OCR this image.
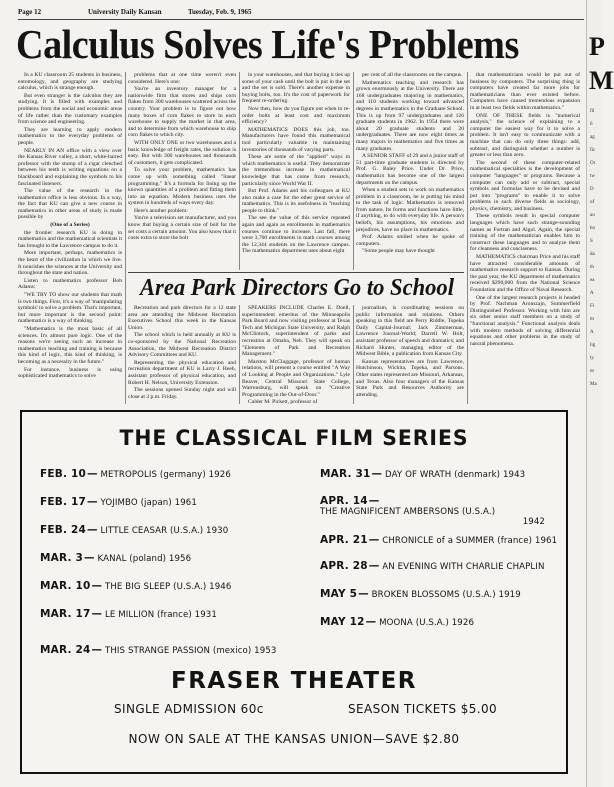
Page 12	University Daily Kansan	Tuesday, Feb. 9, 1965
Calculus Solves Life's Problems

In a KU classroom 25 students in business, entomology, and geography are studying calculus, which is strange enough.

But even stranger is the calculus they are studying. It is filled with examples and problems from the social and economic areas of life rather than the customary examples from science and engineering.

They are learning to apply modern mathematics to the everyday problems of people.

NEARLY IN AN office with a view over the Kansas River valley, a short, white-haired professor with the stump of a cigar clenched between his teeth is writing equations on a blackboard and explaining the symbols to his fascinated listeners.

The value of the research in the mathematics office is less obvious. In a way, the fact that KU can give a new course in mathematics in other areas of study is made possible by

(One of a Series)

the frontier research KU is doing in mathematics and the mathematical scientists it has brought to the Lawrence campus to do it.

More important, perhaps, mathematics is the heart of the civilization in which we live. It nourishes the sciences at the University and throughout the state and nation.

Listen to mathematics professor Bob Adams:

"WE TRY TO show our students that math is two things. First, it's a way of 'manipulating symbols' to solve a problem. That's important, but more important is the second point: mathematics is a way of thinking.

"Mathematics is the most basic of all sciences. It's almost pure logic. One of the reasons we're seeing such an increase in mathematics teaching and training is because this kind of logic, this kind of thinking, is becoming as a necessity in the future."

For instance, business is using sophisticated mathematics to solve

problems that at one time weren't even considered. Here's one:

You're an inventory manager for a nationwide firm that stores and ships corn flakes from 300 warehouses scattered across the country. Your problem is to figure out how many boxes of corn flakes to store in each warehouse to supply the market in that area, and to determine from which warehouse to ship corn flakes to which city.

WITH ONLY ONE or two warehouses and a basic knowledge of freight rates, the solution is easy. But with 300 warehouses and thousands of customers, it gets complicated.

To solve your problem, mathematics has come up with something called "linear programming." It's a formula for lining up the known quantities of a problem and fitting them into an equation. Modern business uses the system in hundreds of ways every day.

Here's another problem:

You're a television set manufacturer, and you know that buying a certain size of bolt for the set costs a certain amount. You also know that it costs extra to store the bolt

in your warehouses, and that buying it ties up some of your cash until the bolt is put in the set and the set is sold. There's another expense in buying bolts, too. It's the cost of paperwork for frequent re-ordering.

Now then, how do you figure out when to re-order bolts at least cost and maximum efficiency?

MATHEMATICS DOES this job, too. Manufacturers have found this mathematical tool particularly valuable in maintaining inventories of thousands of varying parts.

These are some of the "applied" ways in which mathematics is useful. They demonstrate the tremendous increase in mathematical knowledge that has come from research, particularly since World War II.

But Prof. Adams and his colleagues at KU also make a case for the other great service of mathematics. This is its usefulness in "teaching people to think."

The see the value of this service repeated again and again as enrollments in mathematics courses continue to increase. Last fall, there were 3,700 enrollments in math courses among the 12,344 students on the Lawrence campus. The mathematics department uses about eight

per cent of all the classrooms on the campus.

Mathematics teaching and research has grown enormously at the University. There are 168 undergraduates majoring in mathematics, and 110 students working toward advanced degrees in mathematics in the Graduate School. This is up from 97 undergraduates and 126 graduate students in 1962. In 1954 there were about 20 graduate students and 20 undergraduates. There are now eight times as many majors in mathematics and five times as many graduates.

A SENIOR STAFF of 29 and a junior staff of 51 part-time graduate students is directed by Prof. G. Baley Price. Under Dr. Price, mathematics has become one of the largest departments on the campus.

When a student sets to work on mathematics problem in a classroom, he is putting his mind to the task of logic. Mathematics is removed from nature. Its forms and functions have little, if anything, to do with everyday life. A person's beliefs, his assumptions, his emotions and prejudices, have no place in mathematics.

Prof. Adams smiled when he spoke of computers.

"Some people may have thought

that mathematicians would be put out of business by computers. The surprising thing is computers have created far more jobs for mathematicians than ever existed before. Computers have caused tremendous expansion in at least two fields within mathematics."

ONE OF THESE fields is "numerical analysis," the science of explaining to a computer the easiest way for it to solve a problem. It isn't easy to communicate with a machine that can do only three things: add, subtract, and distinguish whether a number is greater or less than zero.

The second of these computer-related mathematical specialties is the development of computer "languages" or programs. Because a computer can only add or subtract, special symbols and formulas have to be devised and put into "programs" to enable it to solve problems in such diverse fields as sociology, physics, chemistry, and business.

These symbols result in special computer languages which have such strange-sounding names as Fortran and Algol. Again, the special training of the mathematician enables him to construct these languages and to analyze them for cleanness and conciseness.

MATHEMATICS chairman Price and his staff have attracted considerable amounts of mathematics research support to Kansas. During the past year, the KU department of mathematics received $290,000 from the National Science Foundation and the Office of Naval Research.

One of the largest research projects is headed by Prof. Nachman Aronszajn, Summerfield Distinguished Professor. Working with him are six other senior staff members on a study of "functional analysis." Functional analysis deals with modern methods of solving differential equations and other problems in the study of natural phenomena.

Area Park Directors Go to School

Recreation and park directors for a 12 state area are attending the Midwest Recreation Executives School this week in the Kansas Union.

The school which is held annually at KU is co-sponsored by the National Recreation Association, the Midwest Recreation District Advisory Committees and KU.

Representing the physical education and recreation department of KU is Larry J. Heeb, assistant professor of physical education, and Robert H. Nelson, University Extension.

The sessions opened Sunday night and will close at 3 p.m. Friday.

SPEAKERS INCLUDE Charles E. Doell, superintendent emeritus of the Minneapolis Park Board and now visiting professor at Texas Tech and Michigan State University, and Ralph McClintock, superintendent of parks and recreation at Omaha, Neb. They will speak on "Elements of Park and Recreation Management."

Marston McCluggage, professor of human relations, will present a course entitled "A Way of Looking at People and Organizations." Lyle Beaver, Central Missouri State College, Warrensburg, will speak on "Creative Programming in the Out-of-Door."

Calder M. Pickett, professor of

journalism, is coordinating sessions on public information and relations. Others speaking in this field are Perry Riddle, Topeka Daily Capital-Journal; Jack Zimmerman, Lawrence Journal-World; Darrell W. Holt, assistant professor of speech and dramatics; and Richard Hunter, managing editor of the Midwest Bible, a publication from Kansas City.

Kansas representatives are from Lawrence, Hutchinson, Wichita, Topeka, and Parsons. Other states represented are Missouri, Arkansas, and Texas. Also four managers of the Kansas State Park and Resources Authority are attending.

THE CLASSICAL FILM SERIES
FEB. 10 — METROPOLIS (germany) 1926
FEB. 17 — YOJIMBO (japan) 1961
FEB. 24 — LITTLE CEASAR (U.S.A.) 1930
MAR. 3 — KANAL (poland) 1956
MAR. 10 — THE BIG SLEEP (U.S.A.) 1946
MAR. 17 — LE MILLION (france) 1931
MAR. 24 — THIS STRANGE PASSION (mexico) 1953
MAR. 31 — DAY OF WRATH (denmark) 1943
APR. 14 —
THE MAGNIFICENT AMBERSONS (U.S.A.)
1942
APR. 21 — CHRONICLE of a SUMMER (france) 1961
APR. 28 — AN EVENING WITH CHARLIE CHAPLIN
MAY 5 — BROKEN BLOSSOMS (U.S.A.) 1919
MAY 12 — MOONA (U.S.A.) 1926
FRASER THEATER
SINGLE ADMISSION 60c	SEASON TICKETS $5.00
NOW ON SALE AT THE KANSAS UNION—SAVE $2.80
P
M
fil
6
ag
fic
Or
tw
D
of
au
ho
S
da
th
ea
A
Fi
m
A
lig
ty
nt
Ma
